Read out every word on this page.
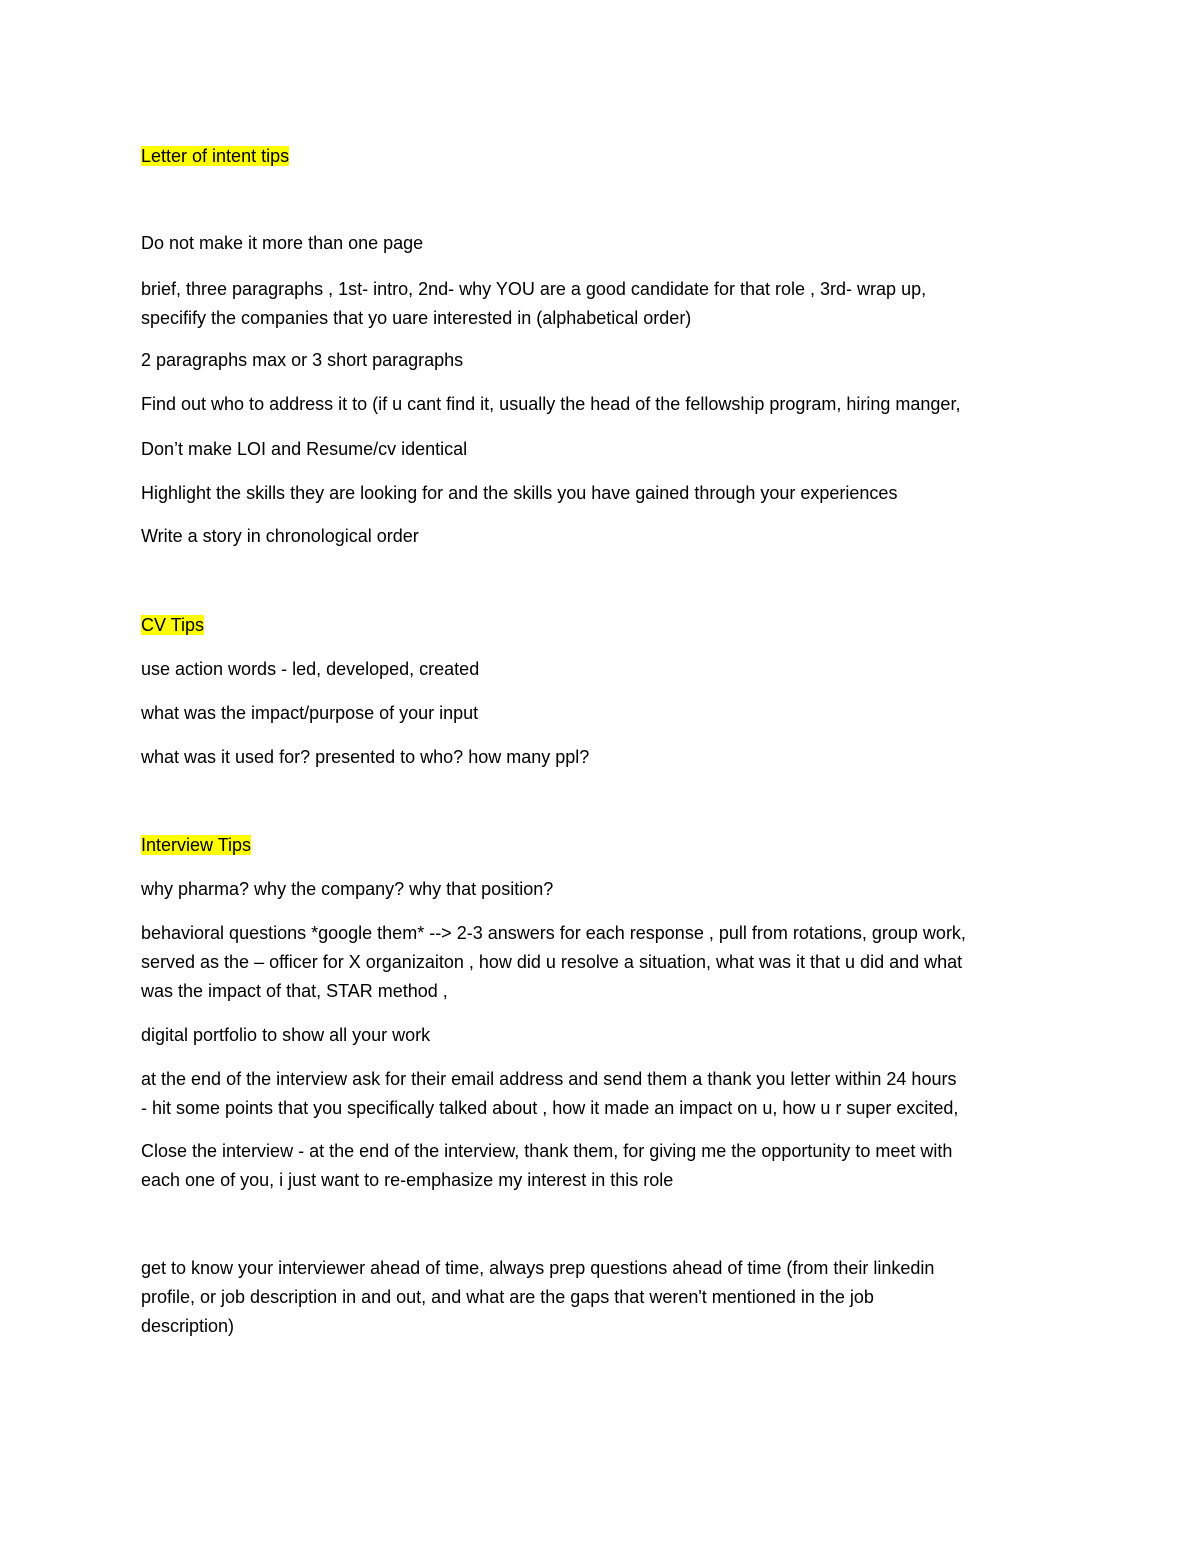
Letter of intent tips
Do not make it more than one page
brief, three paragraphs , 1st- intro, 2nd- why YOU are a good candidate for that role , 3rd- wrap up,
specifify the companies that yo uare interested in (alphabetical order)
2 paragraphs max or 3 short paragraphs
Find out who to address it to (if u cant find it, usually the head of the fellowship program, hiring manger,
Don’t make LOI and Resume/cv identical
Highlight the skills they are looking for and the skills you have gained through your experiences
Write a story in chronological order
CV Tips
use action words - led, developed, created
what was the impact/purpose of your input
what was it used for? presented to who? how many ppl?
Interview Tips
why pharma? why the company? why that position?
behavioral questions *google them* --> 2-3 answers for each response , pull from rotations, group work,
served as the – officer for X organizaiton , how did u resolve a situation, what was it that u did and what
was the impact of that, STAR method ,
digital portfolio to show all your work
at the end of the interview ask for their email address and send them a thank you letter within 24 hours
- hit some points that you specifically talked about , how it made an impact on u, how u r super excited,
Close the interview - at the end of the interview, thank them, for giving me the opportunity to meet with
each one of you, i just want to re-emphasize my interest in this role
get to know your interviewer ahead of time, always prep questions ahead of time (from their linkedin
profile, or job description in and out, and what are the gaps that weren't mentioned in the job
description)
